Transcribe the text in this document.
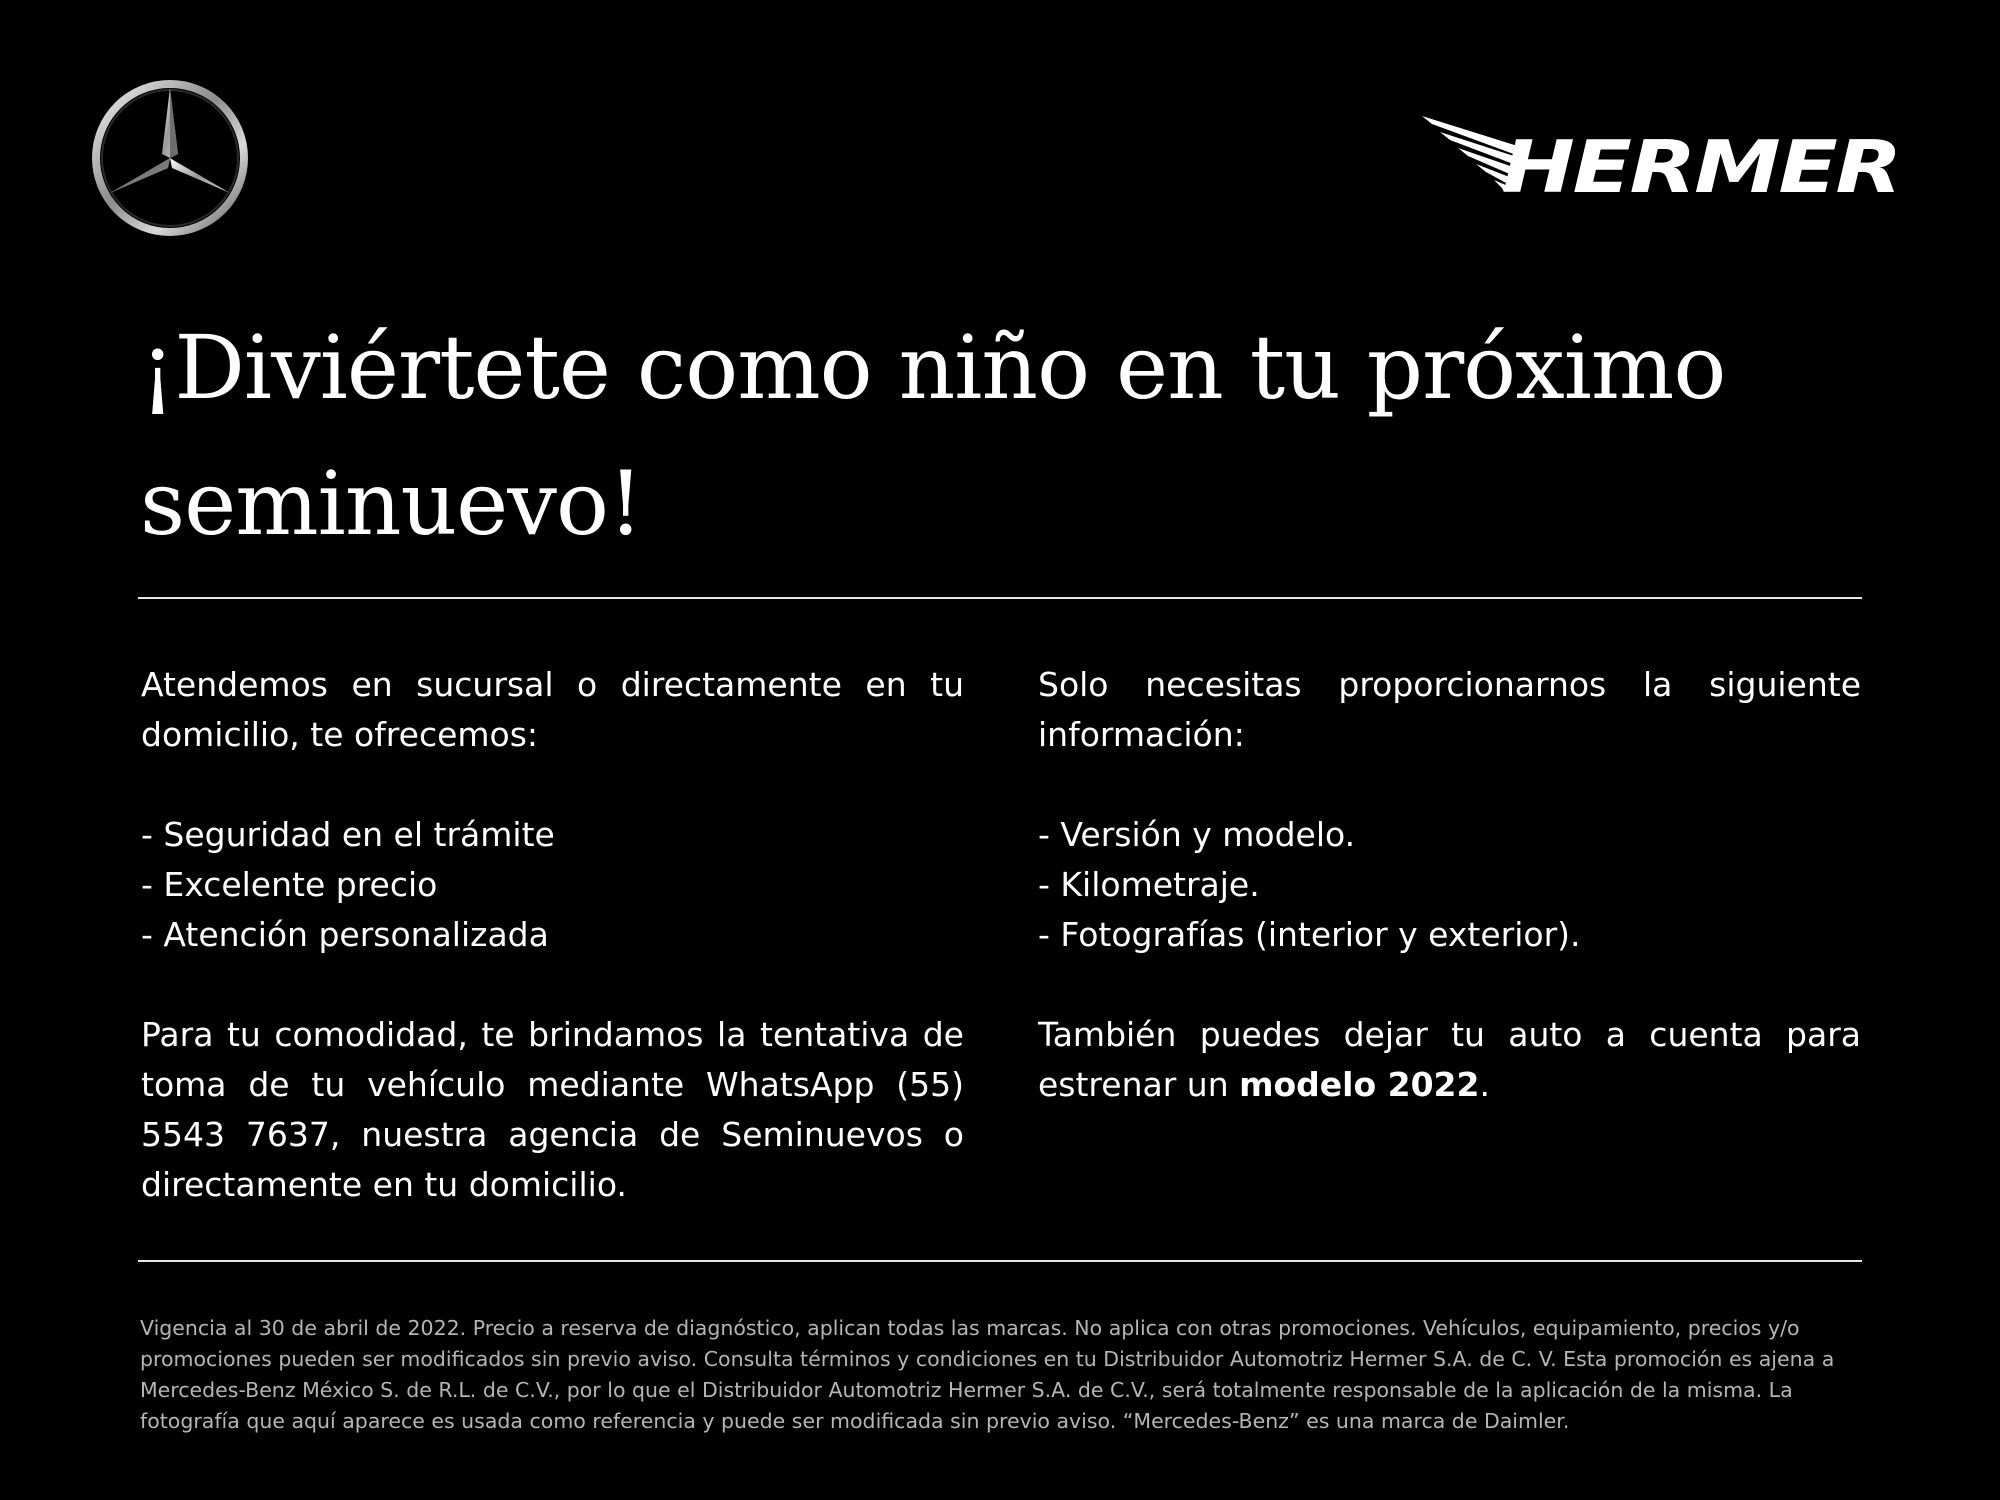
HERMER
¡Diviértete como niño en tu próximo seminuevo!

Atendemos en sucursal o directamente en tu domicilio, te ofrecemos:

- Seguridad en el trámite
- Excelente precio
- Atención personalizada

Para tu comodidad, te brindamos la tentativa de toma de tu vehículo mediante WhatsApp (55) 5543 7637, nuestra agencia de Seminuevos o directamente en tu domicilio.

Solo necesitas proporcionarnos la siguiente información:

- Versión y modelo.
- Kilometraje.
- Fotografías (interior y exterior).

También puedes dejar tu auto a cuenta para estrenar un modelo 2022.

Vigencia al 30 de abril de 2022. Precio a reserva de diagnóstico, aplican todas las marcas. No aplica con otras promociones. Vehículos, equipamiento, precios y/o promociones pueden ser modificados sin previo aviso. Consulta términos y condiciones en tu Distribuidor Automotriz Hermer S.A. de C. V. Esta promoción es ajena a Mercedes-Benz México S. de R.L. de C.V., por lo que el Distribuidor Automotriz Hermer S.A. de C.V., será totalmente responsable de la aplicación de la misma. La fotografía que aquí aparece es usada como referencia y puede ser modificada sin previo aviso. “Mercedes-Benz” es una marca de Daimler.
